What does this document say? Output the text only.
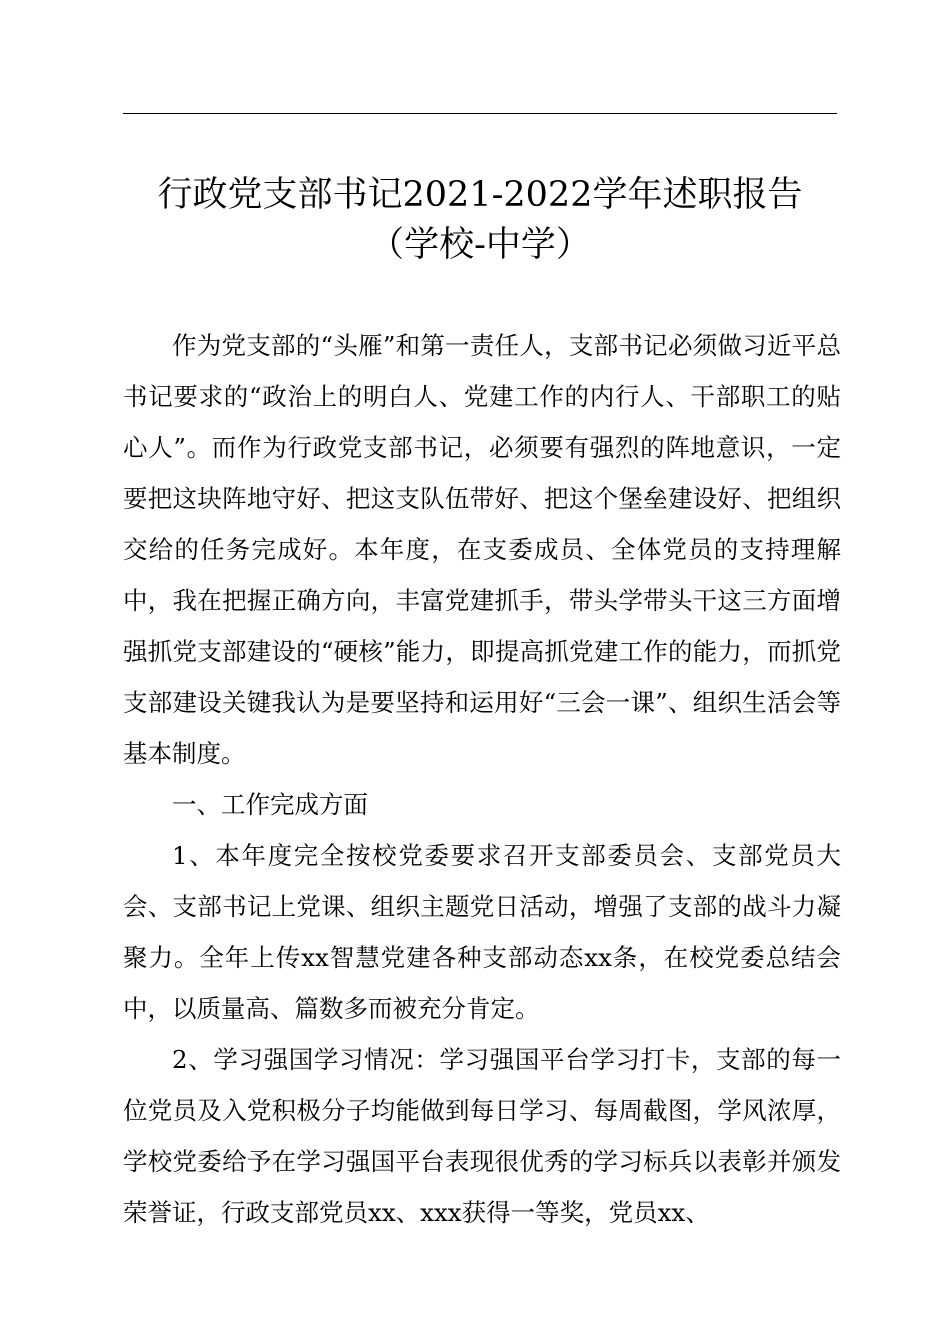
行政党支部书记2021-2022学年述职报告（学校-中学）

作为党支部的“头雁”和第一责任人，支部书记必须做习近平总书记要求的“政治上的明白人、党建工作的内行人、干部职工的贴心人”。而作为行政党支部书记，必须要有强烈的阵地意识，一定要把这块阵地守好、把这支队伍带好、把这个堡垒建设好、把组织交给的任务完成好。本年度，在支委成员、全体党员的支持理解中，我在把握正确方向，丰富党建抓手，带头学带头干这三方面增强抓党支部建设的“硬核”能力，即提高抓党建工作的能力，而抓党支部建设关键我认为是要坚持和运用好“三会一课”、组织生活会等基本制度。

一、工作完成方面

1、本年度完全按校党委要求召开支部委员会、支部党员大会、支部书记上党课、组织主题党日活动，增强了支部的战斗力凝聚力。全年上传xx智慧党建各种支部动态xx条，在校党委总结会中，以质量高、篇数多而被充分肯定。

2、学习强国学习情况：学习强国平台学习打卡，支部的每一位党员及入党积极分子均能做到每日学习、每周截图，学风浓厚，学校党委给予在学习强国平台表现很优秀的学习标兵以表彰并颁发荣誉证，行政支部党员xx、xxx获得一等奖，党员xx、
